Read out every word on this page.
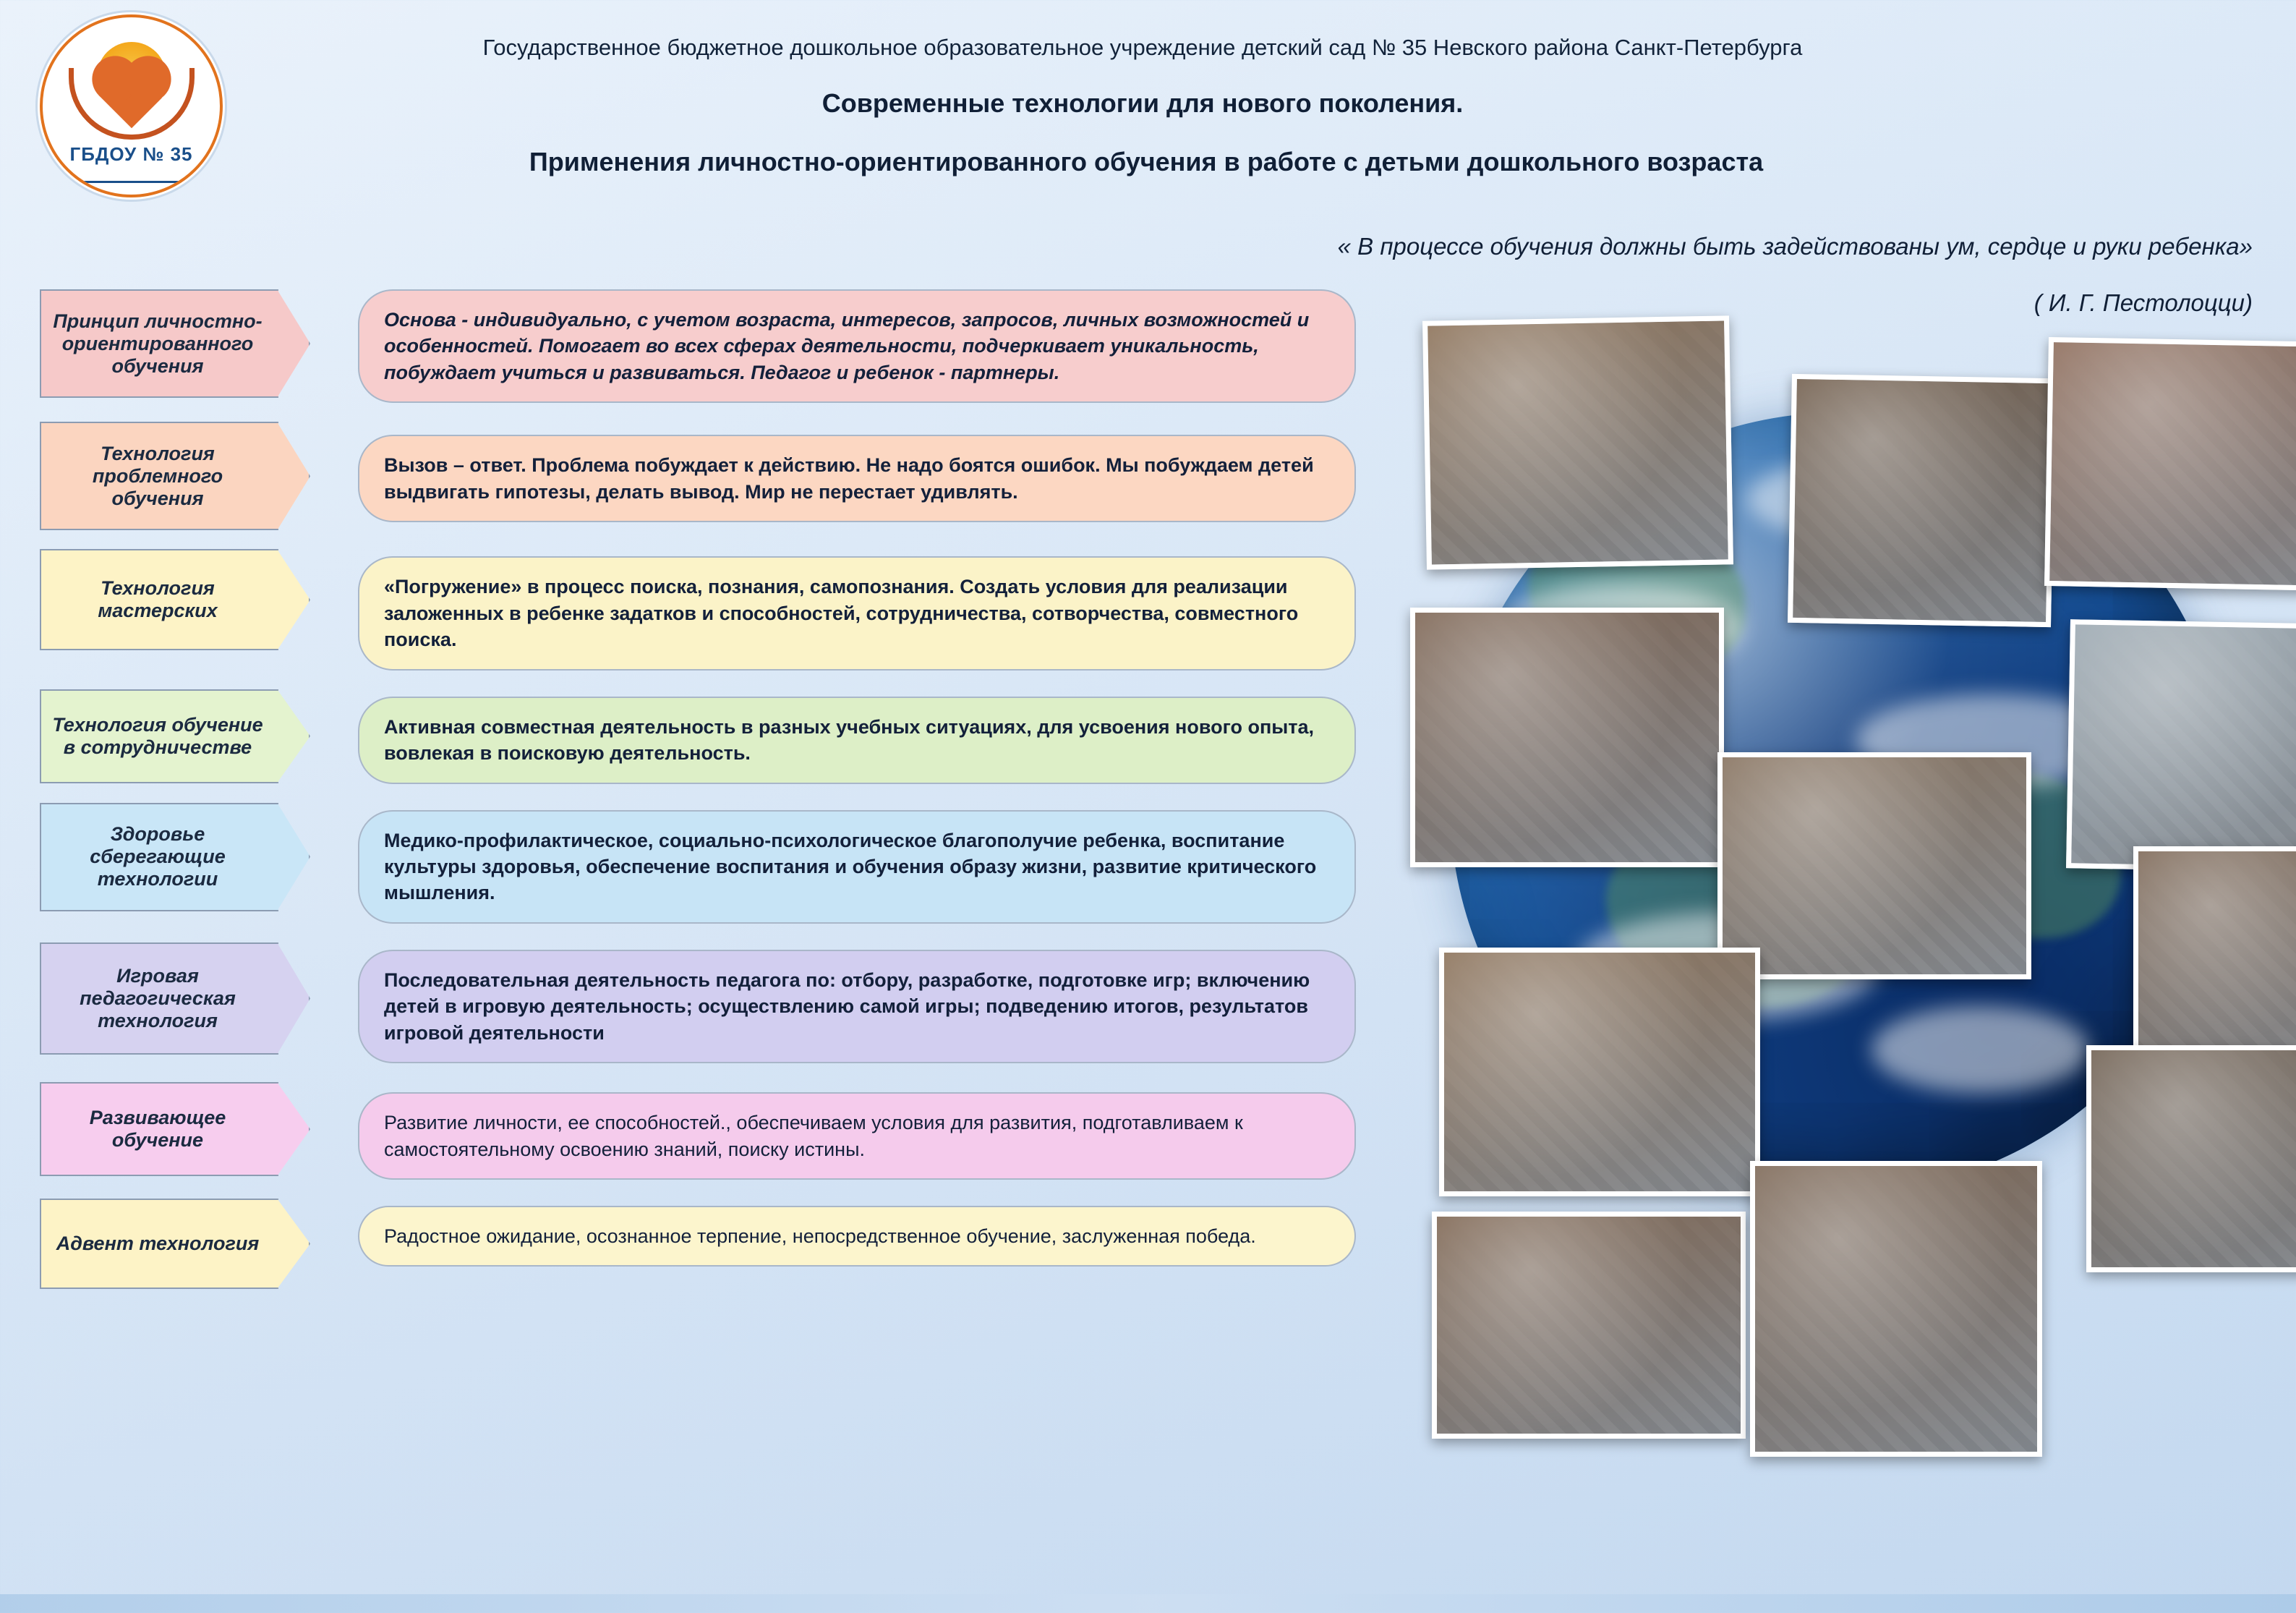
ГБДОУ № 35
Государственное бюджетное дошкольное образовательное учреждение детский сад № 35 Невского района Санкт-Петербурга
Современные технологии для нового поколения.
Применения личностно-ориентированного обучения в работе с детьми дошкольного возраста
« В процессе обучения должны быть задействованы ум, сердце и руки ребенка»
( И. Г. Пестолоцци)
Принцип личностно-ориентированного обучения
Основа - индивидуально, с учетом возраста, интересов, запросов, личных возможностей и особенностей. Помогает во всех сферах деятельности, подчеркивает уникальность, побуждает учиться и развиваться. Педагог и ребенок - партнеры.
Технология проблемного обучения
Вызов – ответ. Проблема побуждает к действию. Не надо боятся ошибок. Мы побуждаем детей выдвигать гипотезы, делать вывод. Мир не перестает удивлять.
Технология мастерских
«Погружение» в процесс поиска, познания, самопознания. Создать условия для реализации заложенных в ребенке задатков и способностей, сотрудничества, сотворчества, совместного поиска.
Технология обучение в сотрудничестве
Активная совместная деятельность в разных учебных ситуациях, для усвоения нового опыта, вовлекая в поисковую деятельность.
Здоровье сберегающие технологии
Медико-профилактическое, социально-психологическое благополучие ребенка, воспитание культуры здоровья, обеспечение воспитания и обучения образу жизни, развитие критического мышления.
Игровая педагогическая технология
Последовательная деятельность педагога по: отбору, разработке, подготовке игр; включению детей в игровую деятельность; осуществлению самой игры; подведению итогов, результатов игровой деятельности
Развивающее обучение
Развитие личности, ее способностей., обеспечиваем условия для развития, подготавливаем к самостоятельному освоению знаний, поиску истины.
Адвент технология	Радостное ожидание, осознанное терпение, непосредственное обучение, заслуженная победа.
